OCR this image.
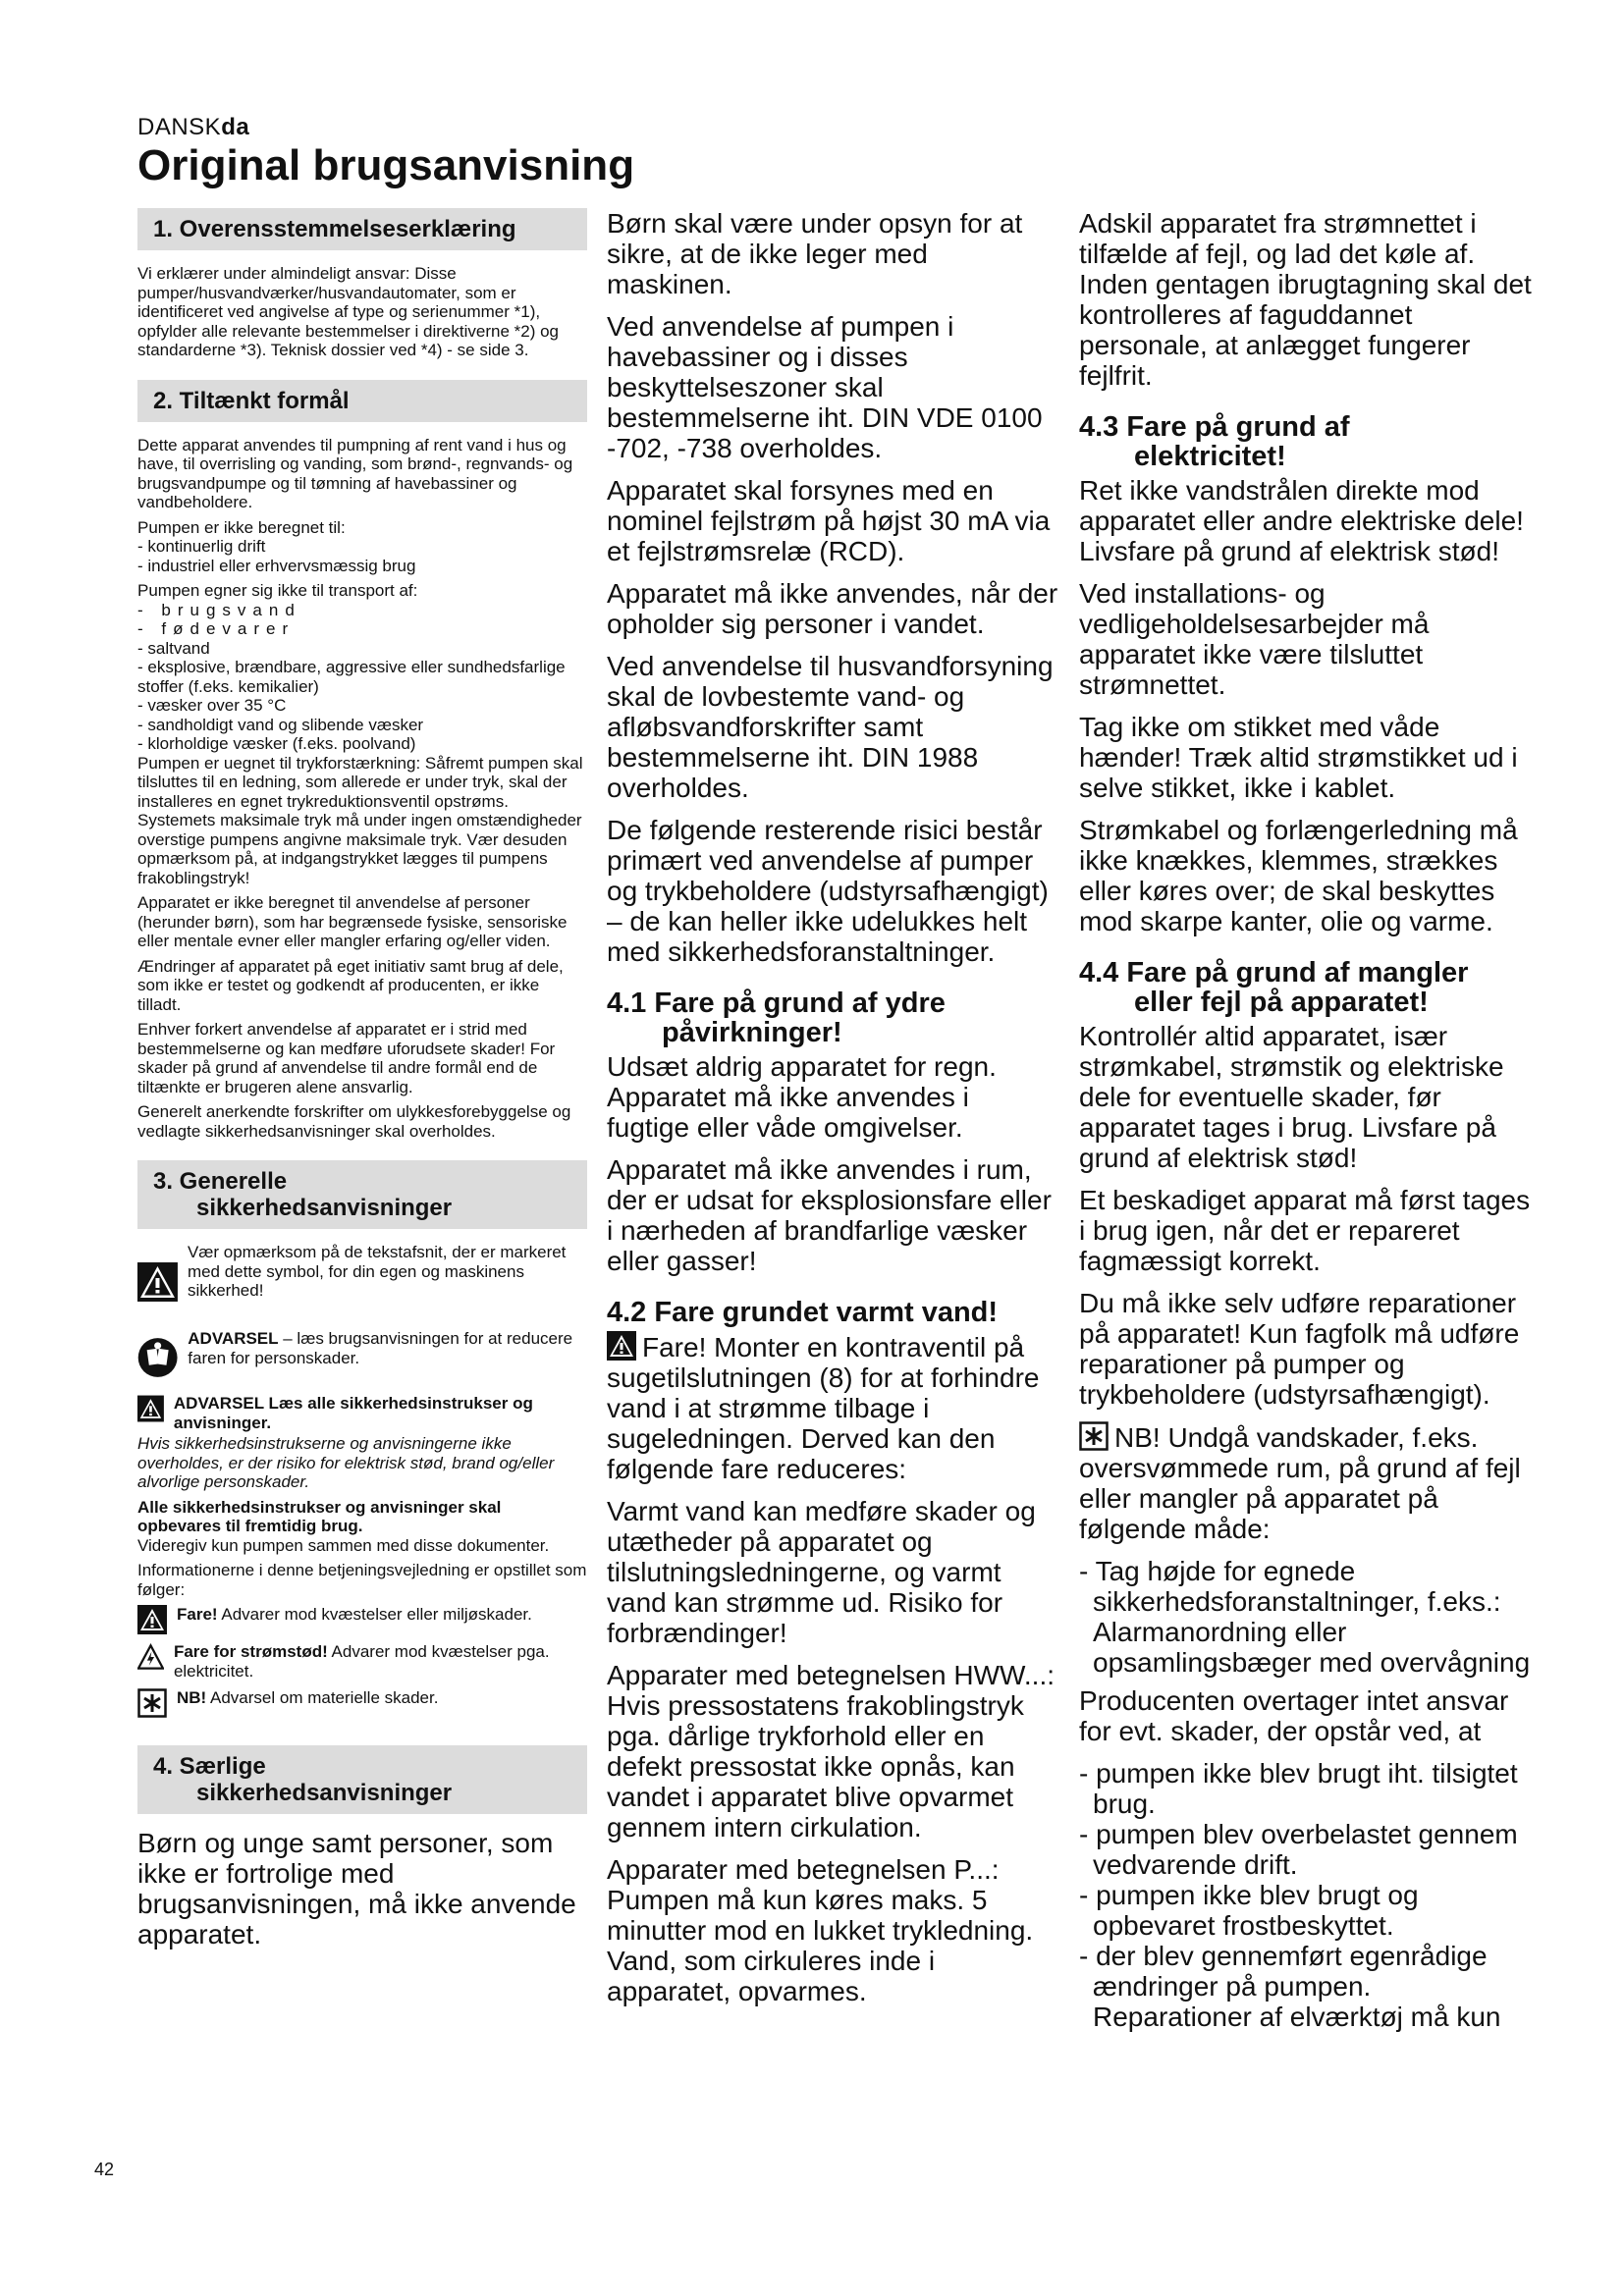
DANSKda
Original brugsanvisning
1. Overensstemmelseserklæring

Vi erklærer under almindeligt ansvar: Disse pumper/husvandværker/husvandautomater, som er identificeret ved angivelse af type og serienummer *1), opfylder alle relevante bestemmelser i direktiverne *2) og standarderne *3). Teknisk dossier ved *4) - se side 3.

2. Tiltænkt formål

Dette apparat anvendes til pumpning af rent vand i hus og have, til overrisling og vanding, som brønd-, regnvands- og brugsvandpumpe og til tømning af havebassiner og vandbeholdere.

Pumpen er ikke beregnet til:

- kontinuerlig drift

- industriel eller erhvervsmæssig brug

Pumpen egner sig ikke til transport af:

- brugsvand

- fødevarer

- saltvand

- eksplosive, brændbare, aggressive eller sundhedsfarlige stoffer (f.eks. kemikalier)

- væsker over 35 °C

- sandholdigt vand og slibende væsker

- klorholdige væsker (f.eks. poolvand)

Pumpen er uegnet til trykforstærkning: Såfremt pumpen skal tilsluttes til en ledning, som allerede er under tryk, skal der installeres en egnet trykreduktionsventil opstrøms. Systemets maksimale tryk må under ingen omstændigheder overstige pumpens angivne maksimale tryk. Vær desuden opmærksom på, at indgangstrykket lægges til pumpens frakoblingstryk!

Apparatet er ikke beregnet til anvendelse af personer (herunder børn), som har begrænsede fysiske, sensoriske eller mentale evner eller mangler erfaring og/eller viden.

Ændringer af apparatet på eget initiativ samt brug af dele, som ikke er testet og godkendt af producenten, er ikke tilladt.

Enhver forkert anvendelse af apparatet er i strid med bestemmelserne og kan medføre uforudsete skader! For skader på grund af anvendelse til andre formål end de tiltænkte er brugeren alene ansvarlig.

Generelt anerkendte forskrifter om ulykkesforebyggelse og vedlagte sikkerhedsanvisninger skal overholdes.

3. Generelle
sikkerhedsanvisninger

Vær opmærksom på de tekstafsnit, der er markeret med dette symbol, for din egen og maskinens sikkerhed!

ADVARSEL – læs brugsanvisningen for at reducere faren for personskader.

ADVARSEL Læs alle sikkerhedsinstrukser og anvisninger.

Hvis sikkerhedsinstrukserne og anvisningerne ikke overholdes, er der risiko for elektrisk stød, brand og/eller alvorlige personskader.

Alle sikkerhedsinstrukser og anvisninger skal opbevares til fremtidig brug.

Videregiv kun pumpen sammen med disse dokumenter.

Informationerne i denne betjeningsvejledning er opstillet som følger:

Fare! Advarer mod kvæstelser eller miljøskader.

Fare for strømstød! Advarer mod kvæstelser pga. elektricitet.

NB! Advarsel om materielle skader.

4. Særlige
sikkerhedsanvisninger

Børn og unge samt personer, som ikke er fortrolige med brugsanvisningen, må ikke anvende apparatet.

Børn skal være under opsyn for at sikre, at de ikke leger med maskinen.

Ved anvendelse af pumpen i havebassiner og i disses beskyttelseszoner skal bestemmelserne iht. DIN VDE 0100 -702, -738 overholdes.

Apparatet skal forsynes med en nominel fejlstrøm på højst 30 mA via et fejlstrømsrelæ (RCD).

Apparatet må ikke anvendes, når der opholder sig personer i vandet.

Ved anvendelse til husvandforsyning skal de lovbestemte vand- og afløbsvandforskrifter samt bestemmelserne iht. DIN 1988 overholdes.

De følgende resterende risici består primært ved anvendelse af pumper og trykbeholdere (udstyrsafhængigt) – de kan heller ikke udelukkes helt med sikkerhedsforanstaltninger.

4.1 Fare på grund af ydre
påvirkninger!

Udsæt aldrig apparatet for regn. Apparatet må ikke anvendes i fugtige eller våde omgivelser.

Apparatet må ikke anvendes i rum, der er udsat for eksplosionsfare eller i nærheden af brandfarlige væsker eller gasser!

4.2 Fare grundet varmt vand!

Fare! Monter en kontraventil på sugetilslutningen (8) for at forhindre vand i at strømme tilbage i sugeledningen. Derved kan den følgende fare reduceres:

Varmt vand kan medføre skader og utætheder på apparatet og tilslutningsledningerne, og varmt vand kan strømme ud. Risiko for forbrændinger!

Apparater med betegnelsen HWW...: Hvis pressostatens frakoblingstryk pga. dårlige trykforhold eller en defekt pressostat ikke opnås, kan vandet i apparatet blive opvarmet gennem intern cirkulation.

Apparater med betegnelsen P...: Pumpen må kun køres maks. 5 minutter mod en lukket trykledning. Vand, som cirkuleres inde i apparatet, opvarmes.

Adskil apparatet fra strømnettet i tilfælde af fejl, og lad det køle af. Inden gentagen ibrugtagning skal det kontrolleres af faguddannet personale, at anlægget fungerer fejlfrit.

4.3 Fare på grund af
elektricitet!

Ret ikke vandstrålen direkte mod apparatet eller andre elektriske dele! Livsfare på grund af elektrisk stød!

Ved installations- og vedligeholdelsesarbejder må apparatet ikke være tilsluttet strømnettet.

Tag ikke om stikket med våde hænder! Træk altid strømstikket ud i selve stikket, ikke i kablet.

Strømkabel og forlængerledning må ikke knækkes, klemmes, strækkes eller køres over; de skal beskyttes mod skarpe kanter, olie og varme.

4.4 Fare på grund af mangler
eller fejl på apparatet!

Kontrollér altid apparatet, især strømkabel, strømstik og elektriske dele for eventuelle skader, før apparatet tages i brug. Livsfare på grund af elektrisk stød!

Et beskadiget apparat må først tages i brug igen, når det er repareret fagmæssigt korrekt.

Du må ikke selv udføre reparationer på apparatet! Kun fagfolk må udføre reparationer på pumper og trykbeholdere (udstyrsafhængigt).

NB! Undgå vandskader, f.eks. oversvømmede rum, på grund af fejl eller mangler på apparatet på følgende måde:

- Tag højde for egnede sikkerhedsforanstaltninger, f.eks.: Alarmanordning eller opsamlingsbæger med overvågning

Producenten overtager intet ansvar for evt. skader, der opstår ved, at

- pumpen ikke blev brugt iht. tilsigtet brug.

- pumpen blev overbelastet gennem vedvarende drift.

- pumpen ikke blev brugt og opbevaret frostbeskyttet.

- der blev gennemført egenrådige ændringer på pumpen.

Reparationer af elværktøj må kun

42
